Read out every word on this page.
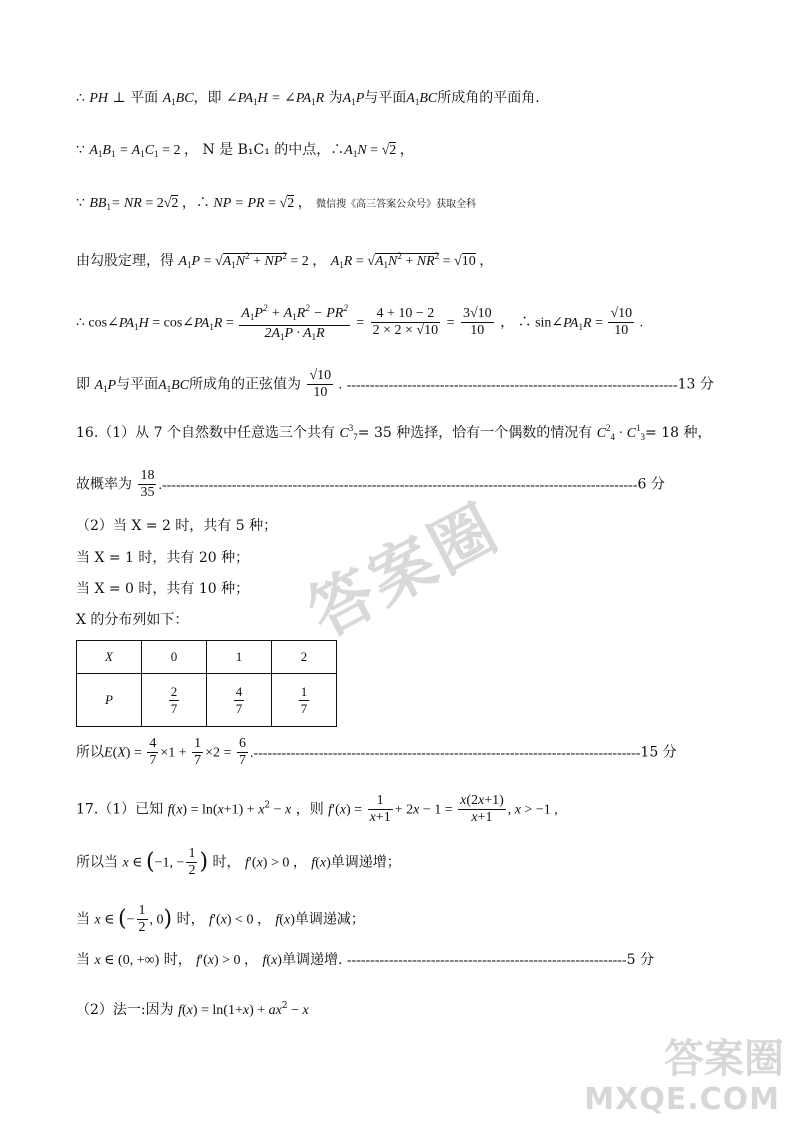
∴ PH ⊥ 平面 $A_1BC$，即 $\angle PA_1H$ = $\angle PA_1R$ 为$A_1P$与平面$A_1BC$所成角的平面角.
∵ $A_1B_1 = A_1C_1 = 2$ ， N 是 B₁C₁ 的中点，$\therefore A_1N = √2$ ，
∵ $BB_1=$ NR = 2√2 ，∴ NP = PR = √2 ， 微信搜《高三答案公众号》获取全科
由勾股定理，得 $A_1P = √A_1N^2 + NP^2 = 2$ ， $A_1R = √A_1N^2 + NR^2 = √10$ ，
∴ $\cos\angle PA_1H$ = $\cos\angle PA_1R = \frac{A_1P^2 + A_1R^2 - PR^2}{2A_1P \cdot A_1R} = \frac{4 + 10 - 2}{2 \times 2 \times √10} = \frac{3√10}{10}$ ， ∴ $\sin\angle PA_1R = \frac{√10}{10}$ .
即 $A_1P$与平面$A_1BC$所成角的正弦值为 $\frac{√10}{10}$ . -----------------------------------------------------------------------13 分
16.（1）从 7 个自然数中任意选三个共有 $C_{37}= 35$ 种选择，恰有一个偶数的情况有 $C_{24} \cdot C_{13}= 18$ 种，
故概率为 $\frac{18}{35} .------------------------------------------------------------------------------------------------------6$ 分
（2）当 X = 2 时，共有 5 种；
当 X = 1 时，共有 20 种；
当 X = 0 时，共有 10 种；
X 的分布列如下：
X	0	1	2
P	$\frac{2}{7}$	$\frac{4}{7}$	$\frac{1}{7}$
所以$E(X) = \frac{4}{7} \times 1 + \frac{1}{7} \times 2 = \frac{6}{7} .-----------------------------------------------------------------------------------15$ 分
17.（1）已知 $f(x) = \ln(x+1) + x^2 - x$ ，则 $f'(x) = \frac{1}{x+1} + 2x - 1 = \frac{x(2x+1)}{x+1}$ , x > −1 ,
所以当 x ∈ (−1, − $\frac{1}{2}$ ) 时， f′(x) > 0 ， f(x)单调递增；
当 x ∈ (− $\frac{1}{2}$ , 0) 时， f′(x) < 0 ， f(x)单调递减；
当 x ∈ (0, +∞) 时， f′(x) > 0 ， f(x)单调递增. ------------------------------------------------------------5 分
（2）法一:因为 $f(x) = \ln(1+x) + ax^2 - x$
答案圈
答案圈
MXQE.COM
